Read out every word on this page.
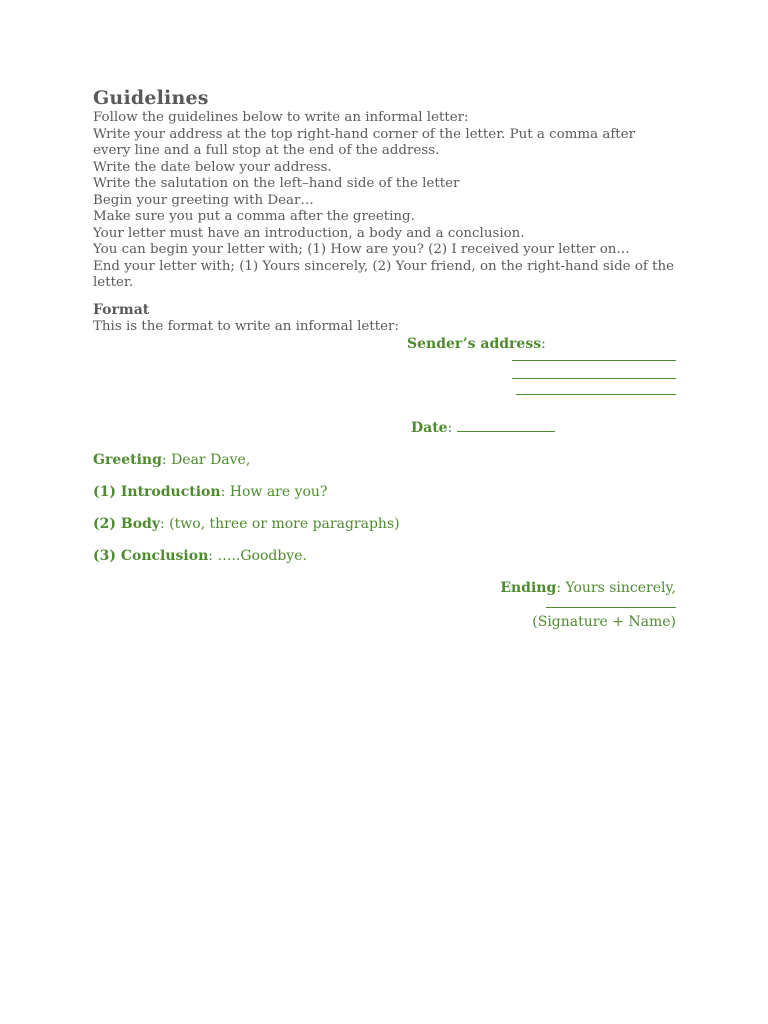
Guidelines
Follow the guidelines below to write an informal letter:
Write your address at the top right-hand corner of the letter. Put a comma after every line and a full stop at the end of the address.
Write the date below your address.
Write the salutation on the left–hand side of the letter
Begin your greeting with Dear…
Make sure you put a comma after the greeting.
Your letter must have an introduction, a body and a conclusion.
You can begin your letter with; (1) How are you? (2) I received your letter on…
End your letter with; (1) Yours sincerely, (2) Your friend, on the right-hand side of the letter.
Format
This is the format to write an informal letter:
Sender’s address:
Date:
Greeting: Dear Dave,
(1) Introduction: How are you?
(2) Body: (two, three or more paragraphs)
(3) Conclusion: …..Goodbye.
Ending: Yours sincerely,
(Signature + Name)
